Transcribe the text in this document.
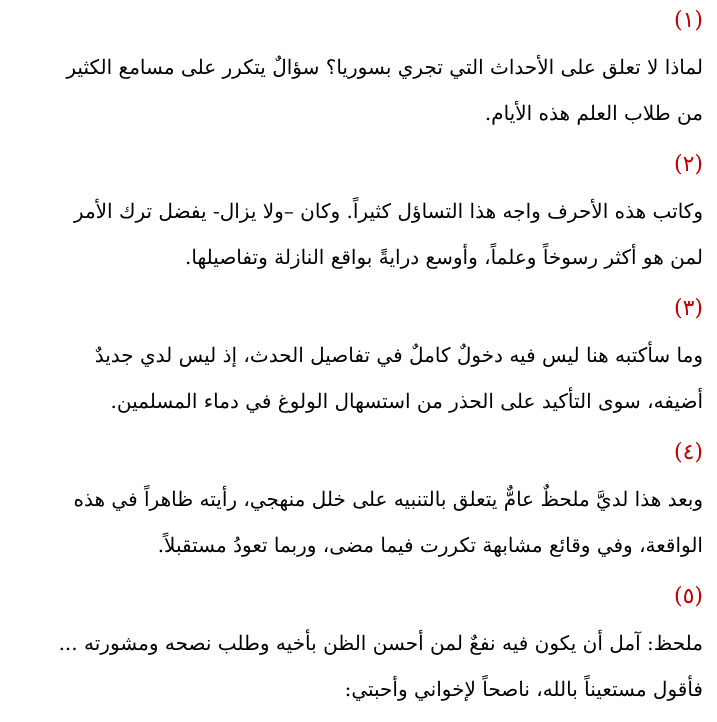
(١)
لماذا لا تعلق على الأحداث التي تجري بسوريا؟ سؤالٌ يتكرر على مسامع الكثير
من طلاب العلم هذه الأيام.
(٢)
وكاتب هذه الأحرف واجه هذا التساؤل كثيراً. وكان –ولا يزال- يفضل ترك الأمر
لمن هو أكثر رسوخاً وعلماً، وأوسع درايةً بواقع النازلة وتفاصيلها.
(٣)
وما سأكتبه هنا ليس فيه دخولٌ كاملٌ في تفاصيل الحدث، إذ ليس لدي جديدٌ
أضيفه، سوى التأكيد على الحذر من استسهال الولوغ في دماء المسلمين.
(٤)
وبعد هذا لديَّ ملحظٌ عامٌّ يتعلق بالتنبيه على خلل منهجي، رأيته ظاهراً في هذه
الواقعة، وفي وقائع مشابهة تكررت فيما مضى، وربما تعودُ مستقبلاً.
(٥)
ملحظ: آمل أن يكون فيه نفعٌ لمن أحسن الظن بأخيه وطلب نصحه ومشورته ...
فأقول مستعيناً بالله، ناصحاً لإخواني وأحبتي:
